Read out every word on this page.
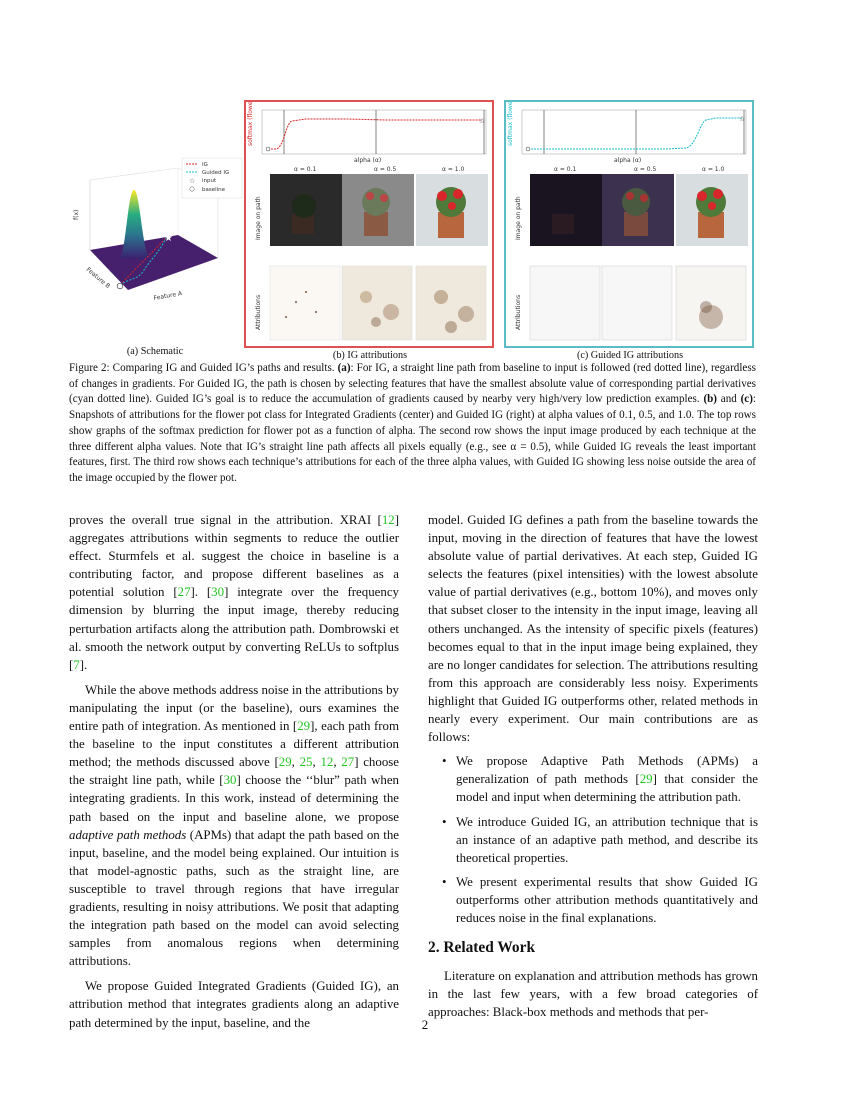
★
☆
IG
Guided IG
input
baseline
f(x)
Feature A
Feature B
(a) Schematic
☆
softmax (flowerpot)
alpha (α)
α = 0.1	α = 0.5	α = 1.0
Image on path
Attributions
(b) IG attributions
☆
softmax (flowerpot)
alpha (α)
α = 0.1	α = 0.5	α = 1.0
Image on path
Attributions
(c) Guided IG attributions
Figure 2: Comparing IG and Guided IG’s paths and results. (a): For IG, a straight line path from baseline to input is followed (red dotted line), regardless of changes in gradients. For Guided IG, the path is chosen by selecting features that have the smallest absolute value of corresponding partial derivatives (cyan dotted line). Guided IG’s goal is to reduce the accumulation of gradients caused by nearby very high/very low prediction examples. (b) and (c): Snapshots of attributions for the flower pot class for Integrated Gradients (center) and Guided IG (right) at alpha values of 0.1, 0.5, and 1.0. The top rows show graphs of the softmax prediction for flower pot as a function of alpha. The second row shows the input image produced by each technique at the three different alpha values. Note that IG’s straight line path affects all pixels equally (e.g., see α = 0.5), while Guided IG reveals the least important features, first. The third row shows each technique’s attributions for each of the three alpha values, with Guided IG showing less noise outside the area of the image occupied by the flower pot.

proves the overall true signal in the attribution. XRAI [12] aggregates attributions within segments to reduce the outlier effect. Sturmfels et al. suggest the choice in baseline is a contributing factor, and propose different baselines as a potential solution [27]. [30] integrate over the frequency dimension by blurring the input image, thereby reducing perturbation artifacts along the attribution path. Dombrowski et al. smooth the network output by converting ReLUs to softplus [7].

While the above methods address noise in the attributions by manipulating the input (or the baseline), ours examines the entire path of integration. As mentioned in [29], each path from the baseline to the input constitutes a different attribution method; the methods discussed above [29, 25, 12, 27] choose the straight line path, while [30] choose the ‘‘blur” path when integrating gradients. In this work, instead of determining the path based on the input and baseline alone, we propose adaptive path methods (APMs) that adapt the path based on the input, baseline, and the model being explained. Our intuition is that model-agnostic paths, such as the straight line, are susceptible to travel through regions that have irregular gradients, resulting in noisy attributions. We posit that adapting the integration path based on the model can avoid selecting samples from anomalous regions when determining attributions.

We propose Guided Integrated Gradients (Guided IG), an attribution method that integrates gradients along an adaptive path determined by the input, baseline, and the

model. Guided IG defines a path from the baseline towards the input, moving in the direction of features that have the lowest absolute value of partial derivatives. At each step, Guided IG selects the features (pixel intensities) with the lowest absolute value of partial derivatives (e.g., bottom 10%), and moves only that subset closer to the intensity in the input image, leaving all others unchanged. As the intensity of specific pixels (features) becomes equal to that in the input image being explained, they are no longer candidates for selection. The attributions resulting from this approach are considerably less noisy. Experiments highlight that Guided IG outperforms other, related methods in nearly every experiment. Our main contributions are as follows:

• We propose Adaptive Path Methods (APMs) a generalization of path methods [29] that consider the model and input when determining the attribution path.
• We introduce Guided IG, an attribution technique that is an instance of an adaptive path method, and describe its theoretical properties.
• We present experimental results that show Guided IG outperforms other attribution methods quantitatively and reduces noise in the final explanations.
2. Related Work

Literature on explanation and attribution methods has grown in the last few years, with a few broad categories of approaches: Black-box methods and methods that per-

2
